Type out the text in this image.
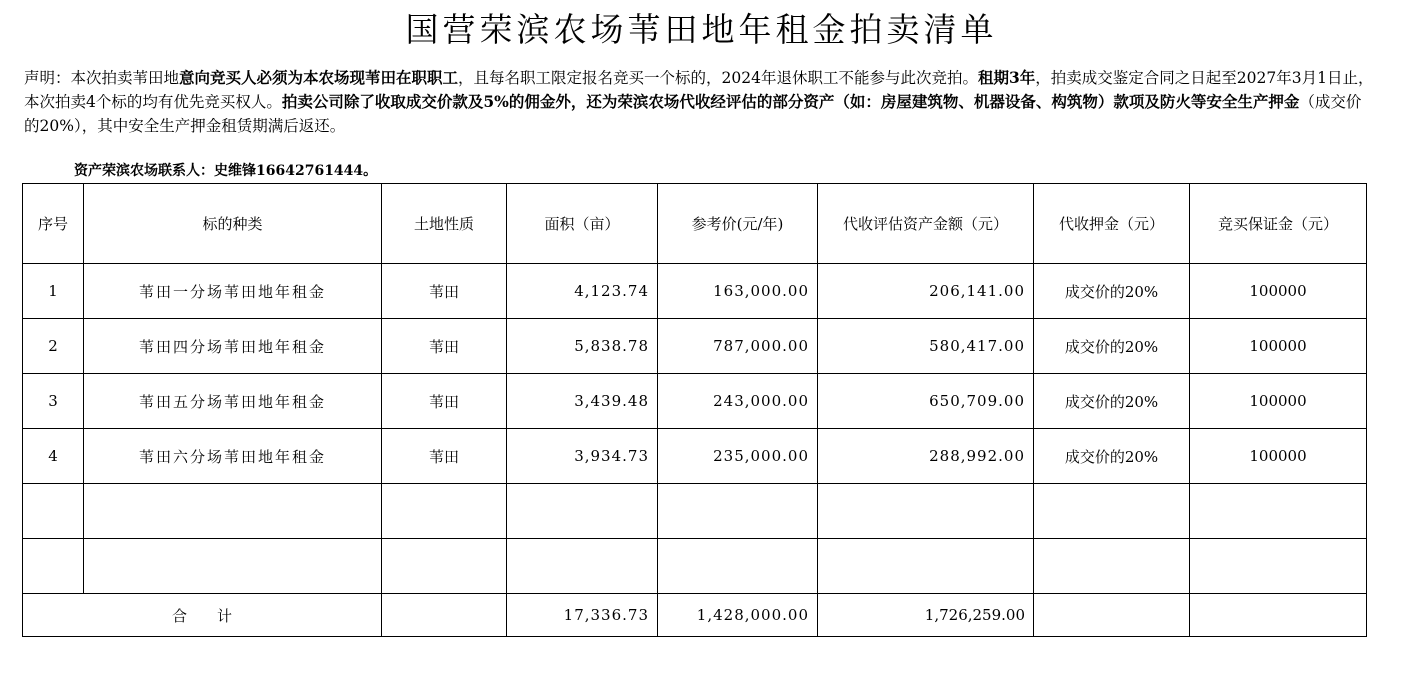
国营荣滨农场苇田地年租金拍卖清单
声明：本次拍卖苇田地意向竞买人必须为本农场现苇田在职职工，且每名职工限定报名竞买一个标的，2024年退休职工不能参与此次竞拍。租期3年，拍卖成交鉴定合同之日起至2027年3月1日止，本次拍卖4个标的均有优先竞买权人。拍卖公司除了收取成交价款及5%的佣金外，还为荣滨农场代收经评估的部分资产（如：房屋建筑物、机器设备、构筑物）款项及防火等安全生产押金（成交价的20%），其中安全生产押金租赁期满后返还。
资产荣滨农场联系人：史维锋16642761444。
序号	标的种类	土地性质	面积（亩）	参考价(元/年)	代收评估资产金额（元）	代收押金（元）	竞买保证金（元）
1	苇田一分场苇田地年租金	苇田	4,123.74	163,000.00	206,141.00	成交价的20%	100000
2	苇田四分场苇田地年租金	苇田	5,838.78	787,000.00	580,417.00	成交价的20%	100000
3	苇田五分场苇田地年租金	苇田	3,439.48	243,000.00	650,709.00	成交价的20%	100000
4	苇田六分场苇田地年租金	苇田	3,934.73	235,000.00	288,992.00	成交价的20%	100000

合　　计			17,336.73	1,428,000.00	1,726,259.00		
